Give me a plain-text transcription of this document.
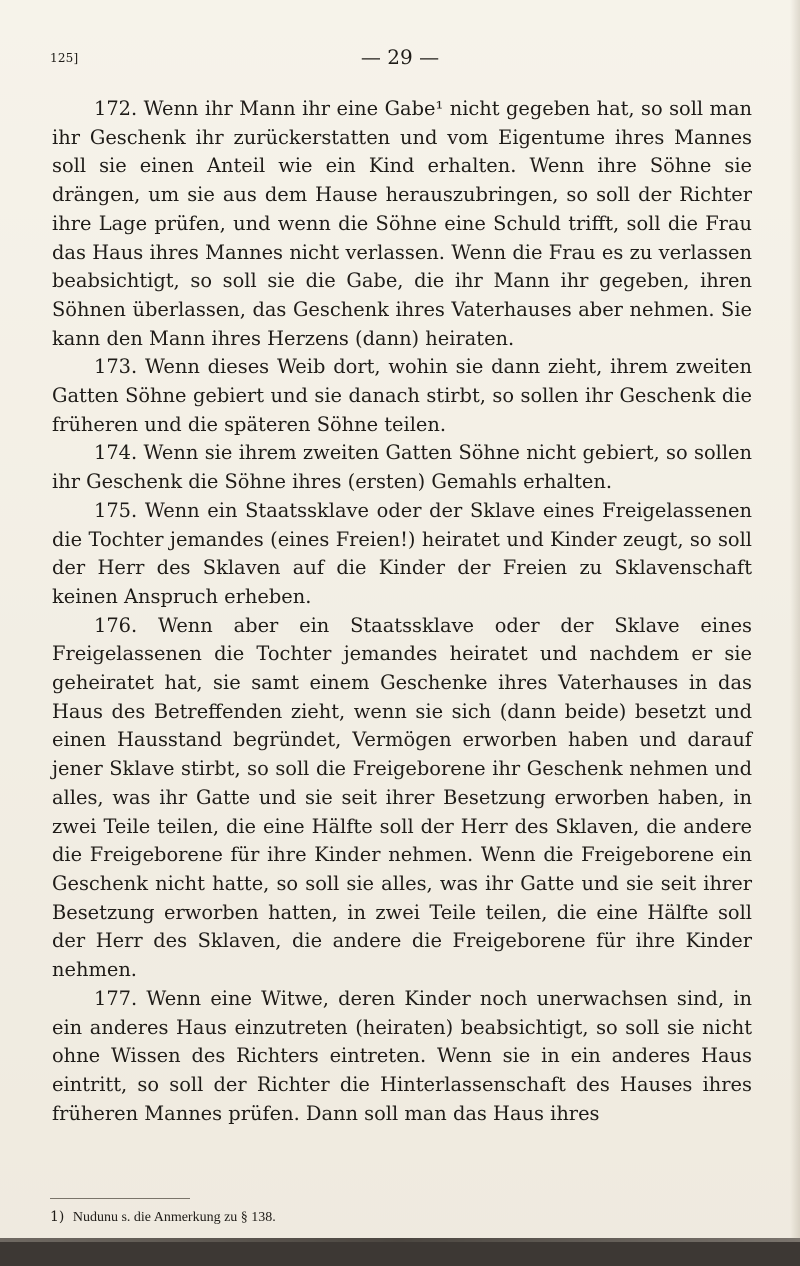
125]	— 29 —

172. Wenn ihr Mann ihr eine Gabe¹ nicht gegeben hat, so soll man ihr Geschenk ihr zurückerstatten und vom Eigentume ihres Mannes soll sie einen Anteil wie ein Kind erhalten. Wenn ihre Söhne sie drängen, um sie aus dem Hause herauszubringen, so soll der Richter ihre Lage prüfen, und wenn die Söhne eine Schuld trifft, soll die Frau das Haus ihres Mannes nicht verlassen. Wenn die Frau es zu verlassen beabsichtigt, so soll sie die Gabe, die ihr Mann ihr gegeben, ihren Söhnen überlassen, das Geschenk ihres Vaterhauses aber nehmen. Sie kann den Mann ihres Herzens (dann) heiraten.

173. Wenn dieses Weib dort, wohin sie dann zieht, ihrem zweiten Gatten Söhne gebiert und sie danach stirbt, so sollen ihr Geschenk die früheren und die späteren Söhne teilen.

174. Wenn sie ihrem zweiten Gatten Söhne nicht gebiert, so sollen ihr Geschenk die Söhne ihres (ersten) Gemahls erhalten.

175. Wenn ein Staatssklave oder der Sklave eines Freigelassenen die Tochter jemandes (eines Freien!) heiratet und Kinder zeugt, so soll der Herr des Sklaven auf die Kinder der Freien zu Sklavenschaft keinen Anspruch erheben.

176. Wenn aber ein Staatssklave oder der Sklave eines Freigelassenen die Tochter jemandes heiratet und nachdem er sie geheiratet hat, sie samt einem Geschenke ihres Vaterhauses in das Haus des Betreffenden zieht, wenn sie sich (dann beide) besetzt und einen Hausstand begründet, Vermögen erworben haben und darauf jener Sklave stirbt, so soll die Freigeborene ihr Geschenk nehmen und alles, was ihr Gatte und sie seit ihrer Besetzung erworben haben, in zwei Teile teilen, die eine Hälfte soll der Herr des Sklaven, die andere die Freigeborene für ihre Kinder nehmen. Wenn die Freigeborene ein Geschenk nicht hatte, so soll sie alles, was ihr Gatte und sie seit ihrer Besetzung erworben hatten, in zwei Teile teilen, die eine Hälfte soll der Herr des Sklaven, die andere die Freigeborene für ihre Kinder nehmen.

177. Wenn eine Witwe, deren Kinder noch unerwachsen sind, in ein anderes Haus einzutreten (heiraten) beabsichtigt, so soll sie nicht ohne Wissen des Richters eintreten. Wenn sie in ein anderes Haus eintritt, so soll der Richter die Hinterlassenschaft des Hauses ihres früheren Mannes prüfen. Dann soll man das Haus ihres

1) Nudunu s. die Anmerkung zu § 138.
